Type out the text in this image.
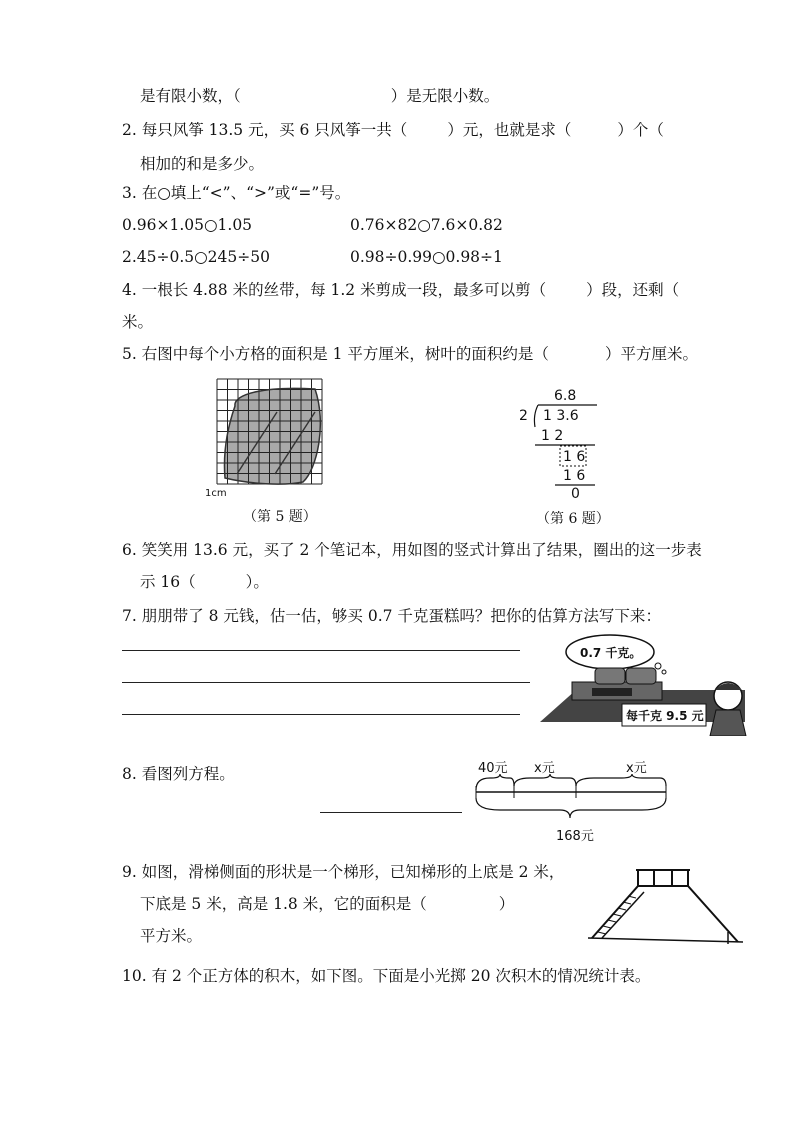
是有限小数，（	）是无限小数。
2. 每只风筝 13.5 元，买 6 只风筝一共（	）元，也就是求（	）个（
相加的和是多少。
3. 在○填上“<”、“>”或“=”号。
0.96×1.05○1.05	0.76×82○7.6×0.82
2.45÷0.5○245÷50	0.98÷0.99○0.98÷1
4. 一根长 4.88 米的丝带，每 1.2 米剪成一段，最多可以剪（	）段，还剩（
米。
5. 右图中每个小方格的面积是 1 平方厘米，树叶的面积约是（	）平方厘米。
1cm
（第 5 题）
6.8
2 1 3.6
1 2
1 6
1 6
0
（第 6 题）
6. 笑笑用 13.6 元，买了 2 个笔记本，用如图的竖式计算出了结果，圈出的这一步表
示 16（	）。
7. 朋朋带了 8 元钱，估一估，够买 0.7 千克蛋糕吗？把你的估算方法写下来：
0.7 千克。
每千克 9.5 元
8. 看图列方程。	40元 x元	x元
168元
9. 如图，滑梯侧面的形状是一个梯形，已知梯形的上底是 2 米，
下底是 5 米，高是 1.8 米，它的面积是（	）
平方米。
10. 有 2 个正方体的积木，如下图。下面是小光掷 20 次积木的情况统计表。
